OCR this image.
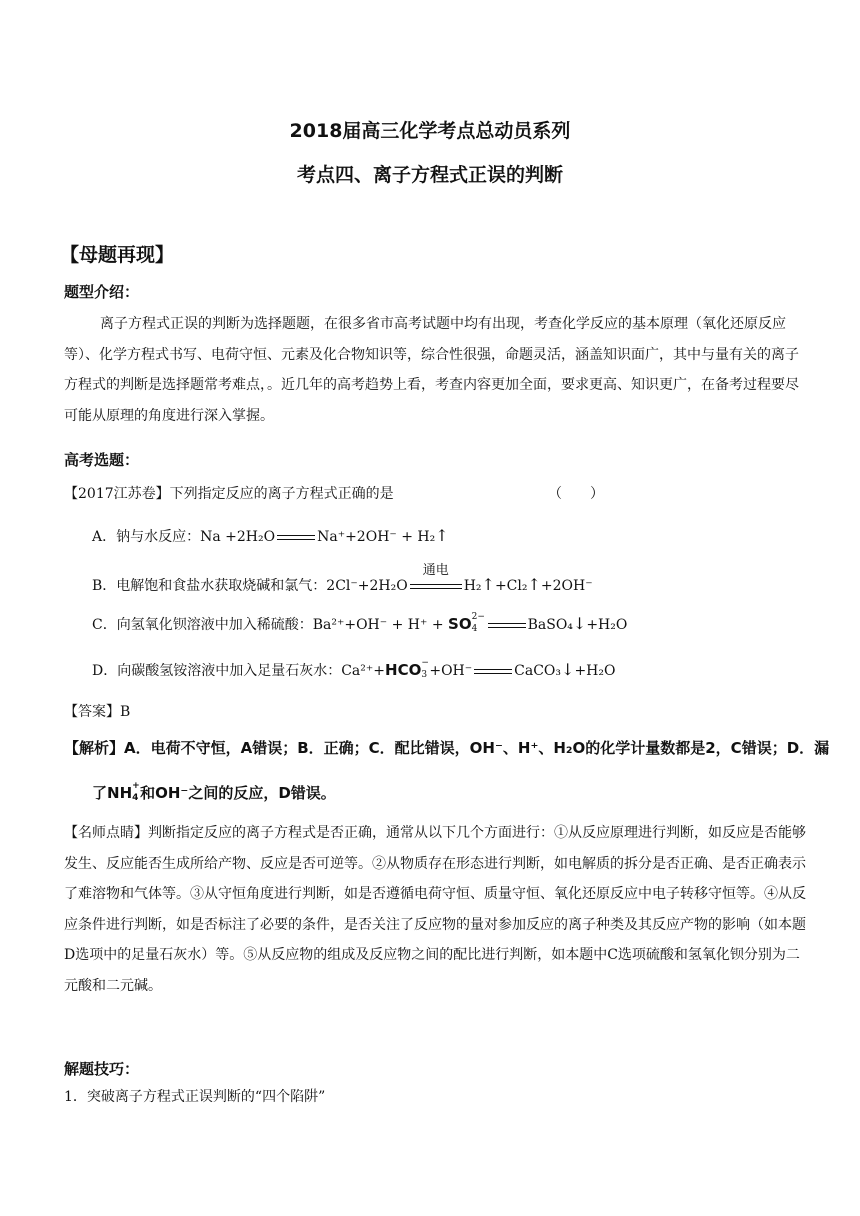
2018届高三化学考点总动员系列
考点四、离子方程式正误的判断
【母题再现】
题型介绍：
离子方程式正误的判断为选择题题，在很多省市高考试题中均有出现，考查化学反应的基本原理（氧化还原反应等）、化学方程式书写、电荷守恒、元素及化合物知识等，综合性很强，命题灵活，涵盖知识面广，其中与量有关的离子方程式的判断是选择题常考难点，。近几年的高考趋势上看，考查内容更加全面，要求更高、知识更广，在备考过程要尽可能从原理的角度进行深入掌握。
高考选题：
【2017江苏卷】下列指定反应的离子方程式正确的是	（　　）
A．钠与水反应：Na +2H₂O	Na⁺+2OH⁻ + H₂↑
B．电解饱和食盐水获取烧碱和氯气：2Cl⁻+2H₂O
通电
H₂↑+Cl₂↑+2OH⁻
C．向氢氧化钡溶液中加入稀硫酸：Ba²⁺+OH⁻ + H⁺ + SO 2−
4	BaSO₄↓+H₂O
D．向碳酸氢铵溶液中加入足量石灰水：Ca²⁺+HCO −
3 +OH⁻	CaCO₃↓+H₂O
【答案】B
【解析】A．电荷不守恒，A错误；B．正确；C．配比错误，OH⁻、H⁺、H₂O的化学计量数都是2，C错误；D．漏
了NH +
4 和OH⁻之间的反应，D错误。
【名师点睛】判断指定反应的离子方程式是否正确，通常从以下几个方面进行：①从反应原理进行判断，如反应是否能够发生、反应能否生成所给产物、反应是否可逆等。②从物质存在形态进行判断，如电解质的拆分是否正确、是否正确表示了难溶物和气体等。③从守恒角度进行判断，如是否遵循电荷守恒、质量守恒、氧化还原反应中电子转移守恒等。④从反应条件进行判断，如是否标注了必要的条件，是否关注了反应物的量对参加反应的离子种类及其反应产物的影响（如本题D选项中的足量石灰水）等。⑤从反应物的组成及反应物之间的配比进行判断，如本题中C选项硫酸和氢氧化钡分别为二元酸和二元碱。
解题技巧：
1．突破离子方程式正误判断的“四个陷阱”
